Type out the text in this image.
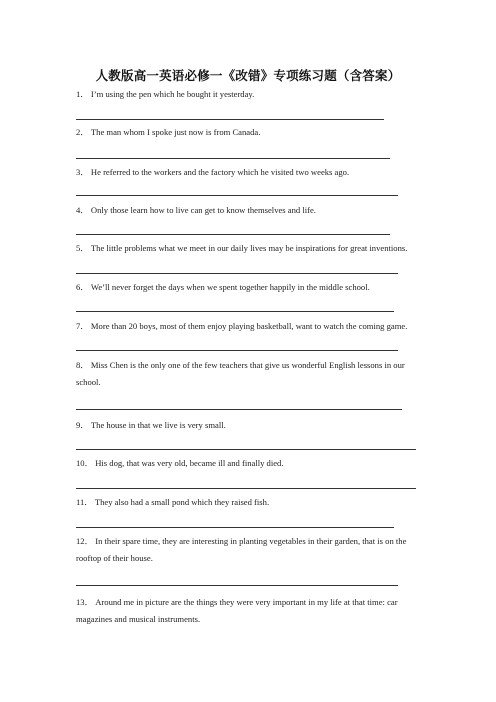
人教版高一英语必修一《改错》专项练习题（含答案）
1． I’m using the pen which he bought it yesterday.
2． The man whom I spoke just now is from Canada.
3． He referred to the workers and the factory which he visited two weeks ago.
4． Only those learn how to live can get to know themselves and life.
5． The little problems what we meet in our daily lives may be inspirations for great inventions.
6． We’ll never forget the days when we spent together happily in the middle school.
7． More than 20 boys, most of them enjoy playing basketball, want to watch the coming game.
8． Miss Chen is the only one of the few teachers that give us wonderful English lessons in our school.
9． The house in that we live is very small.
10． His dog, that was very old, became ill and finally died.
11． They also had a small pond which they raised fish.
12． In their spare time, they are interesting in planting vegetables in their garden, that is on the rooftop of their house.
13． Around me in picture are the things they were very important in my life at that time: car magazines and musical instruments.
